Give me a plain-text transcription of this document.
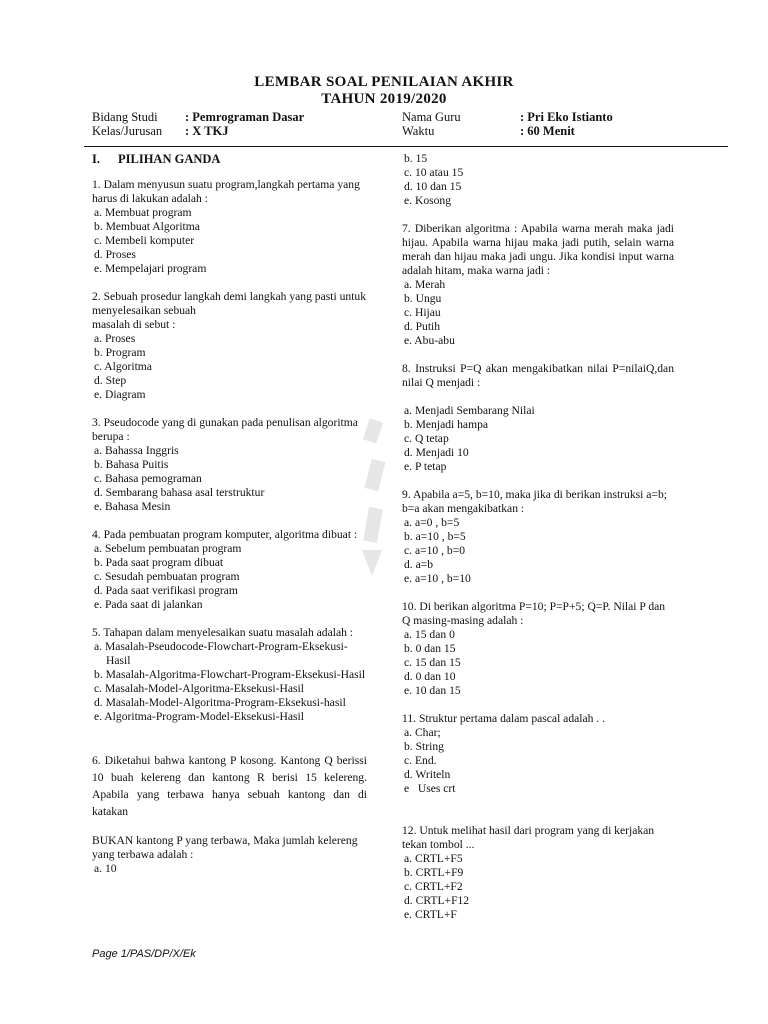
LEMBAR SOAL PENILAIAN AKHIR
TAHUN 2019/2020
Bidang Studi : Pemrograman Dasar
Kelas/Jurusan : X TKJ
Nama Guru	: Pri Eko Istianto
Waktu	: 60 Menit
I. PILIHAN GANDA

1. Dalam menyusun suatu program,langkah pertama yang harus di lakukan adalah :

a. Membuat program

b. Membuat Algoritma

c. Membeli komputer

d. Proses

e. Mempelajari program

2. Sebuah prosedur langkah demi langkah yang pasti untuk menyelesaikan sebuah

masalah di sebut :

a. Proses

b. Program

c. Algoritma

d. Step

e. Diagram

3. Pseudocode yang di gunakan pada penulisan algoritma berupa :

a. Bahassa Inggris

b. Bahasa Puitis

c. Bahasa pemograman

d. Sembarang bahasa asal terstruktur

e. Bahasa Mesin

4. Pada pembuatan program komputer, algoritma dibuat :

a. Sebelum pembuatan program

b. Pada saat program dibuat

c. Sesudah pembuatan program

d. Pada saat verifikasi program

e. Pada saat di jalankan

5. Tahapan dalam menyelesaikan suatu masalah adalah :

a. Masalah-Pseudocode-Flowchart-Program-Eksekusi-Hasil

b. Masalah-Algoritma-Flowchart-Program-Eksekusi-Hasil

c. Masalah-Model-Algoritma-Eksekusi-Hasil

d. Masalah-Model-Algoritma-Program-Eksekusi-hasil

e. Algoritma-Program-Model-Eksekusi-Hasil

6. Diketahui bahwa kantong P kosong. Kantong Q berissi 10 buah kelereng dan kantong R berisi 15 kelereng. Apabila yang terbawa hanya sebuah kantong dan di katakan

BUKAN kantong P yang terbawa, Maka jumlah kelereng yang terbawa adalah :

a. 10

b. 15

c. 10 atau 15

d. 10 dan 15

e. Kosong

7. Diberikan algoritma : Apabila warna merah maka jadi hijau. Apabila warna hijau maka jadi putih, selain warna merah dan hijau maka jadi ungu. Jika kondisi input warna adalah hitam, maka warna jadi :

a. Merah

b. Ungu

c. Hijau

d. Putih

e. Abu-abu

8. Instruksi P=Q akan mengakibatkan nilai P=nilaiQ,dan nilai Q menjadi :

a. Menjadi Sembarang Nilai

b. Menjadi hampa

c. Q tetap

d. Menjadi 10

e. P tetap

9. Apabila a=5, b=10, maka jika di berikan instruksi a=b; b=a akan mengakibatkan :

a. a=0 , b=5

b. a=10 , b=5

c. a=10 , b=0

d. a=b

e. a=10 , b=10

10. Di berikan algoritma P=10; P=P+5; Q=P. Nilai P dan Q masing-masing adalah :

a. 15 dan 0

b. 0 dan 15

c. 15 dan 15

d. 0 dan 10

e. 10 dan 15

11. Struktur pertama dalam pascal adalah . .

a. Char;

b. String

c. End.

d. Writeln

e   Uses crt

12. Untuk melihat hasil dari program yang di kerjakan tekan tombol ...

a. CRTL+F5

b. CRTL+F9

c. CRTL+F2

d. CRTL+F12

e. CRTL+F

Page 1/PAS/DP/X/Ek
